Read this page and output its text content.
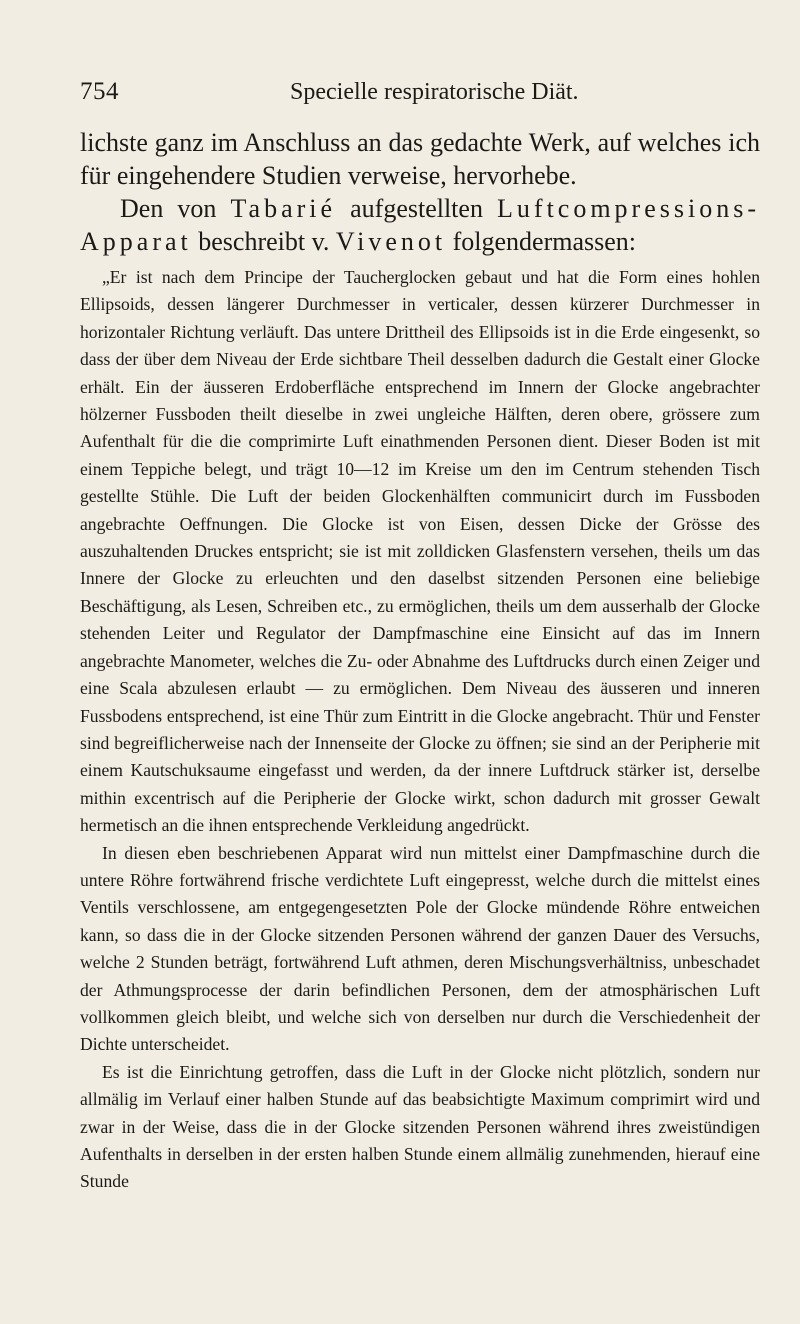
754	Specielle respiratorische Diät.

lichste ganz im Anschluss an das gedachte Werk, auf welches ich für eingehendere Studien verweise, hervorhebe.

Den von Tabarié aufgestellten Luftcompressions-Apparat beschreibt v. Vivenot folgendermassen:

„Er ist nach dem Principe der Taucherglocken gebaut und hat die Form eines hohlen Ellipsoids, dessen längerer Durchmesser in verticaler, dessen kürzerer Durchmesser in horizontaler Richtung verläuft. Das untere Drittheil des Ellipsoids ist in die Erde eingesenkt, so dass der über dem Niveau der Erde sichtbare Theil desselben dadurch die Gestalt einer Glocke erhält. Ein der äusseren Erdoberfläche entsprechend im Innern der Glocke angebrachter hölzerner Fussboden theilt dieselbe in zwei ungleiche Hälften, deren obere, grössere zum Aufenthalt für die die comprimirte Luft einathmenden Personen dient. Dieser Boden ist mit einem Teppiche belegt, und trägt 10—12 im Kreise um den im Centrum stehenden Tisch gestellte Stühle. Die Luft der beiden Glockenhälften communicirt durch im Fussboden angebrachte Oeffnungen. Die Glocke ist von Eisen, dessen Dicke der Grösse des auszuhaltenden Druckes entspricht; sie ist mit zolldicken Glasfenstern versehen, theils um das Innere der Glocke zu erleuchten und den daselbst sitzenden Personen eine beliebige Beschäftigung, als Lesen, Schreiben etc., zu ermöglichen, theils um dem ausserhalb der Glocke stehenden Leiter und Regulator der Dampfmaschine eine Einsicht auf das im Innern angebrachte Manometer, welches die Zu- oder Abnahme des Luftdrucks durch einen Zeiger und eine Scala abzulesen erlaubt — zu ermöglichen. Dem Niveau des äusseren und inneren Fussbodens entsprechend, ist eine Thür zum Eintritt in die Glocke angebracht. Thür und Fenster sind begreiflicherweise nach der Innenseite der Glocke zu öffnen; sie sind an der Peripherie mit einem Kautschuksaume eingefasst und werden, da der innere Luftdruck stärker ist, derselbe mithin excentrisch auf die Peripherie der Glocke wirkt, schon dadurch mit grosser Gewalt hermetisch an die ihnen entsprechende Verkleidung angedrückt.

In diesen eben beschriebenen Apparat wird nun mittelst einer Dampfmaschine durch die untere Röhre fortwährend frische verdichtete Luft eingepresst, welche durch die mittelst eines Ventils verschlossene, am entgegengesetzten Pole der Glocke mündende Röhre entweichen kann, so dass die in der Glocke sitzenden Personen während der ganzen Dauer des Versuchs, welche 2 Stunden beträgt, fortwährend Luft athmen, deren Mischungsverhältniss, unbeschadet der Athmungsprocesse der darin befindlichen Personen, dem der atmosphärischen Luft vollkommen gleich bleibt, und welche sich von derselben nur durch die Verschiedenheit der Dichte unterscheidet.

Es ist die Einrichtung getroffen, dass die Luft in der Glocke nicht plötzlich, sondern nur allmälig im Verlauf einer halben Stunde auf das beabsichtigte Maximum comprimirt wird und zwar in der Weise, dass die in der Glocke sitzenden Personen während ihres zweistündigen Aufenthalts in derselben in der ersten halben Stunde einem allmälig zunehmenden, hierauf eine Stunde
